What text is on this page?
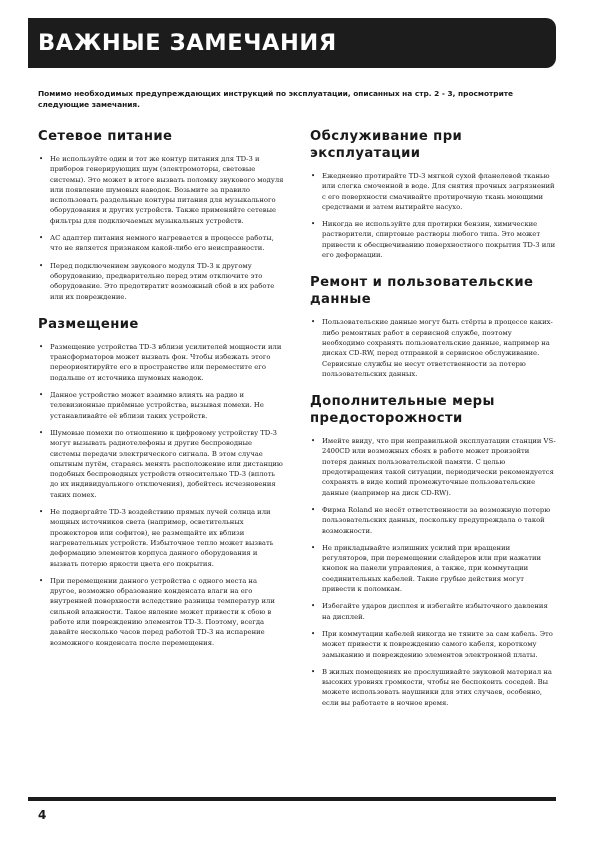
ВАЖНЫЕ ЗАМЕЧАНИЯ
Помимо необходимых предупреждающих инструкций по эксплуатации, описанных на стр. 2 - 3, просмотрите следующие замечания.
Сетевое питание
• Не используйте один и тот же контур питания для TD-3 и приборов генерирующих шум (электромоторы, световые системы). Это может в итоге вызвать поломку звукового модуля или появление шумовых наводок. Возьмите за правило использовать раздельные контуры питания для музыкального оборудования и других устройств. Также применяйте сетевые фильтры для подключаемых музыкальных устройств.
• АС адаптер питания немного нагревается в процессе работы, что не является признаком какой-либо его неисправности.
• Перед подключением звукового модуля TD-3 к другому оборудованию, предварительно перед этим отключите это оборудование. Это предотвратит возможный сбой в их работе или их повреждение.
Размещение
• Размещение устройства TD-3 вблизи усилителей мощности или трансформаторов может вызвать фон. Чтобы избежать этого переориентируйте его в пространстве или переместите его подальше от источника шумовых наводок.
• Данное устройство может взаимно влиять на радио и телевизионные приёмные устройства, вызывая помехи. Не устанавливайте её вблизи таких устройств.
• Шумовые помехи по отношению к цифровому устройству TD-3 могут вызывать радиотелефоны и другие беспроводные системы передачи электрического сигнала. В этом случае опытным путём, стараясь менять расположение или дистанцию подобных беспроводных устройств относительно TD-3 (вплоть до их индивидуального отключения), добейтесь исчезновения таких помех.
• Не подвергайте TD-3 воздействию прямых лучей солнца или мощных источников света (например, осветительных прожекторов или софитов), не размещайте их вблизи нагревательных устройств. Избыточное тепло может вызвать деформацию элементов корпуса данного оборудования и вызвать потерю яркости цвета его покрытия.
• При перемещении данного устройства с одного места на другое, возможно образование конденсата влаги на его внутренней поверхности вследствие разницы температур или сильной влажности. Такое явление может привести к сбою в работе или повреждению элементов TD-3. Поэтому, всегда давайте несколько часов перед работой TD-3 на испарение возможного конденсата после перемещения.
Обслуживание при эксплуатации
• Ежедневно протирайте TD-3 мягкой сухой фланелевой тканью или слегка смоченной в воде. Для снятия прочных загрязнений с его поверхности смачивайте протирочную ткань моющими средствами и затем вытирайте насухо.
• Никогда не используйте для протирки бензин, химические растворители, спиртовые растворы любого типа. Это может привести к обесцвечиванию поверхностного покрытия TD-3 или его деформации.
Ремонт и пользовательские данные
• Пользовательские данные могут быть стёрты в процессе каких-либо ремонтных работ в сервисной службе, поэтому необходимо сохранять пользовательские данные, например на дисках CD-RW, перед отправкой в сервисное обслуживание. Сервисные службы не несут ответственности за потерю пользовательских данных.
Дополнительные меры предосторожности
• Имейте ввиду, что при неправильной эксплуатации станции VS-2400CD или возможных сбоях в работе может произойти потеря данных пользовательской памяти. С целью предотвращения такой ситуации, периодически рекомендуется сохранять в виде копий промежуточные пользовательские данные (например на диск CD-RW).
• Фирма Roland не несёт ответственности за возможную потерю пользовательских данных, поскольку предупреждала о такой возможности.
• Не прикладывайте излишних усилий при вращении регуляторов, при перемещении слайдеров или при нажатии кнопок на панели управления, а также, при коммутации соединительных кабелей. Такие грубые действия могут привести к поломкам.
• Избегайте ударов дисплея и избегайте избыточного давления на дисплей.
• При коммутации кабелей никогда не тяните за сам кабель. Это может привести к повреждению самого кабеля, короткому замыканию и повреждению элементов электронной платы.
• В жилых помещениях не прослушивайте звуковой материал на высоких уровнях громкости, чтобы не беспокоить соседей. Вы можете использовать наушники для этих случаев, особенно, если вы работаете в ночное время.
4
